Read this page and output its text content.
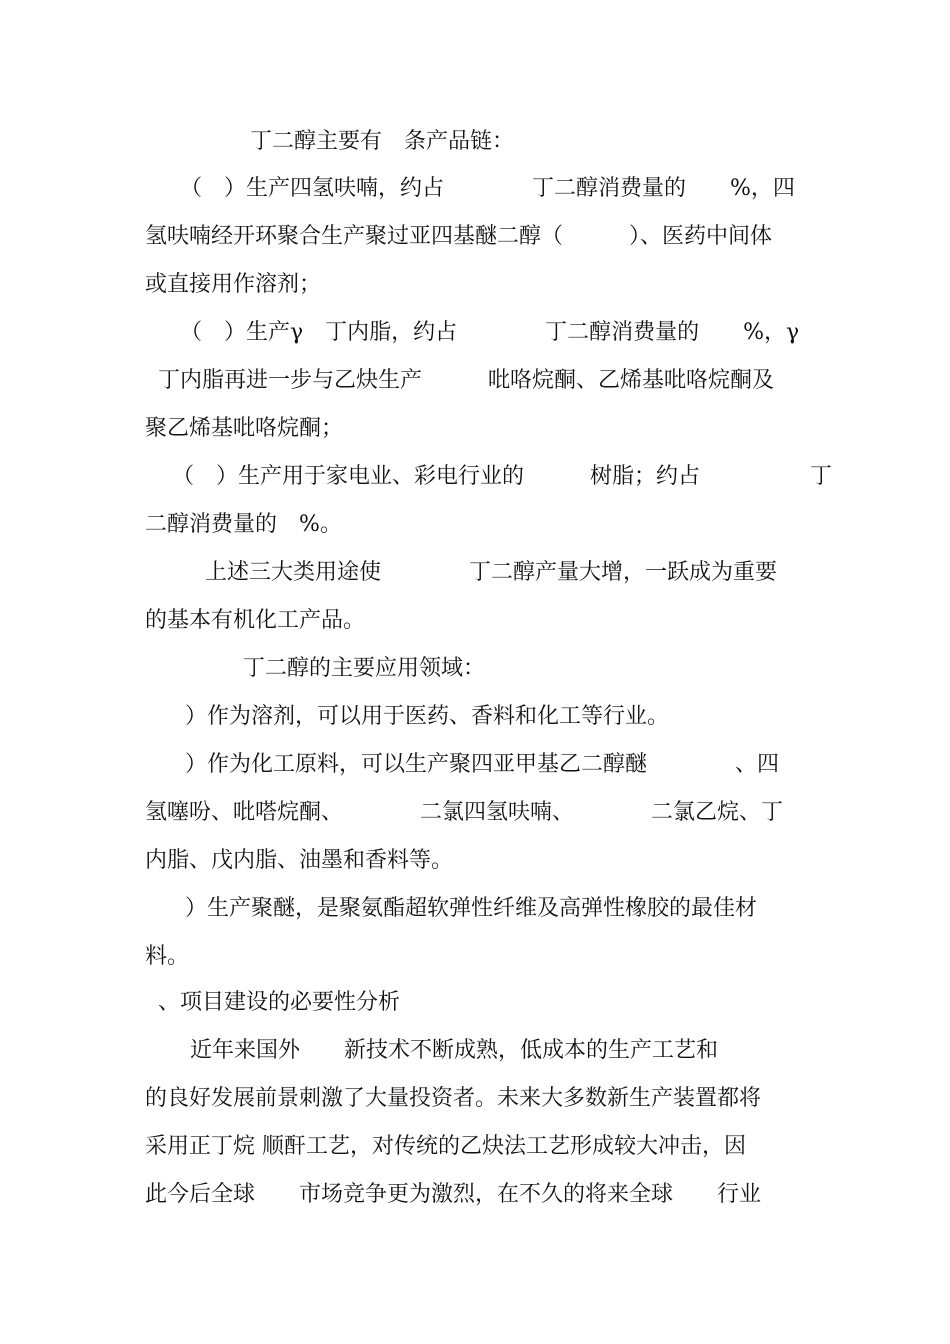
丁二醇主要有　条产品链：
（　）生产四氢呋喃，约占　　　　丁二醇消费量的　　%，四
氢呋喃经开环聚合生产聚过亚四基醚二醇（　　　）、医药中间体
或直接用作溶剂；
（　）生产γ　丁内脂，约占　　　　丁二醇消费量的　　%，γ
丁内脂再进一步与乙炔生产　　　吡咯烷酮、乙烯基吡咯烷酮及
聚乙烯基吡咯烷酮；
（　）生产用于家电业、彩电行业的　　　树脂；约占　　　　　丁
二醇消费量的　%。
上述三大类用途使　　　　丁二醇产量大增，一跃成为重要
的基本有机化工产品。
丁二醇的主要应用领域：
）作为溶剂，可以用于医药、香料和化工等行业。
）作为化工原料，可以生产聚四亚甲基乙二醇醚　　　　、四
氢噻吩、吡嗒烷酮、　　　　二氯四氢呋喃、　　　　二氯乙烷、丁
内脂、戊内脂、油墨和香料等。
）生产聚醚，是聚氨酯超软弹性纤维及高弹性橡胶的最佳材
料。
、项目建设的必要性分析
近年来国外　　新技术不断成熟，低成本的生产工艺和
的良好发展前景刺激了大量投资者。未来大多数新生产装置都将
采用正丁烷 顺酐工艺，对传统的乙炔法工艺形成较大冲击，因
此今后全球　　市场竞争更为激烈，在不久的将来全球　　行业
